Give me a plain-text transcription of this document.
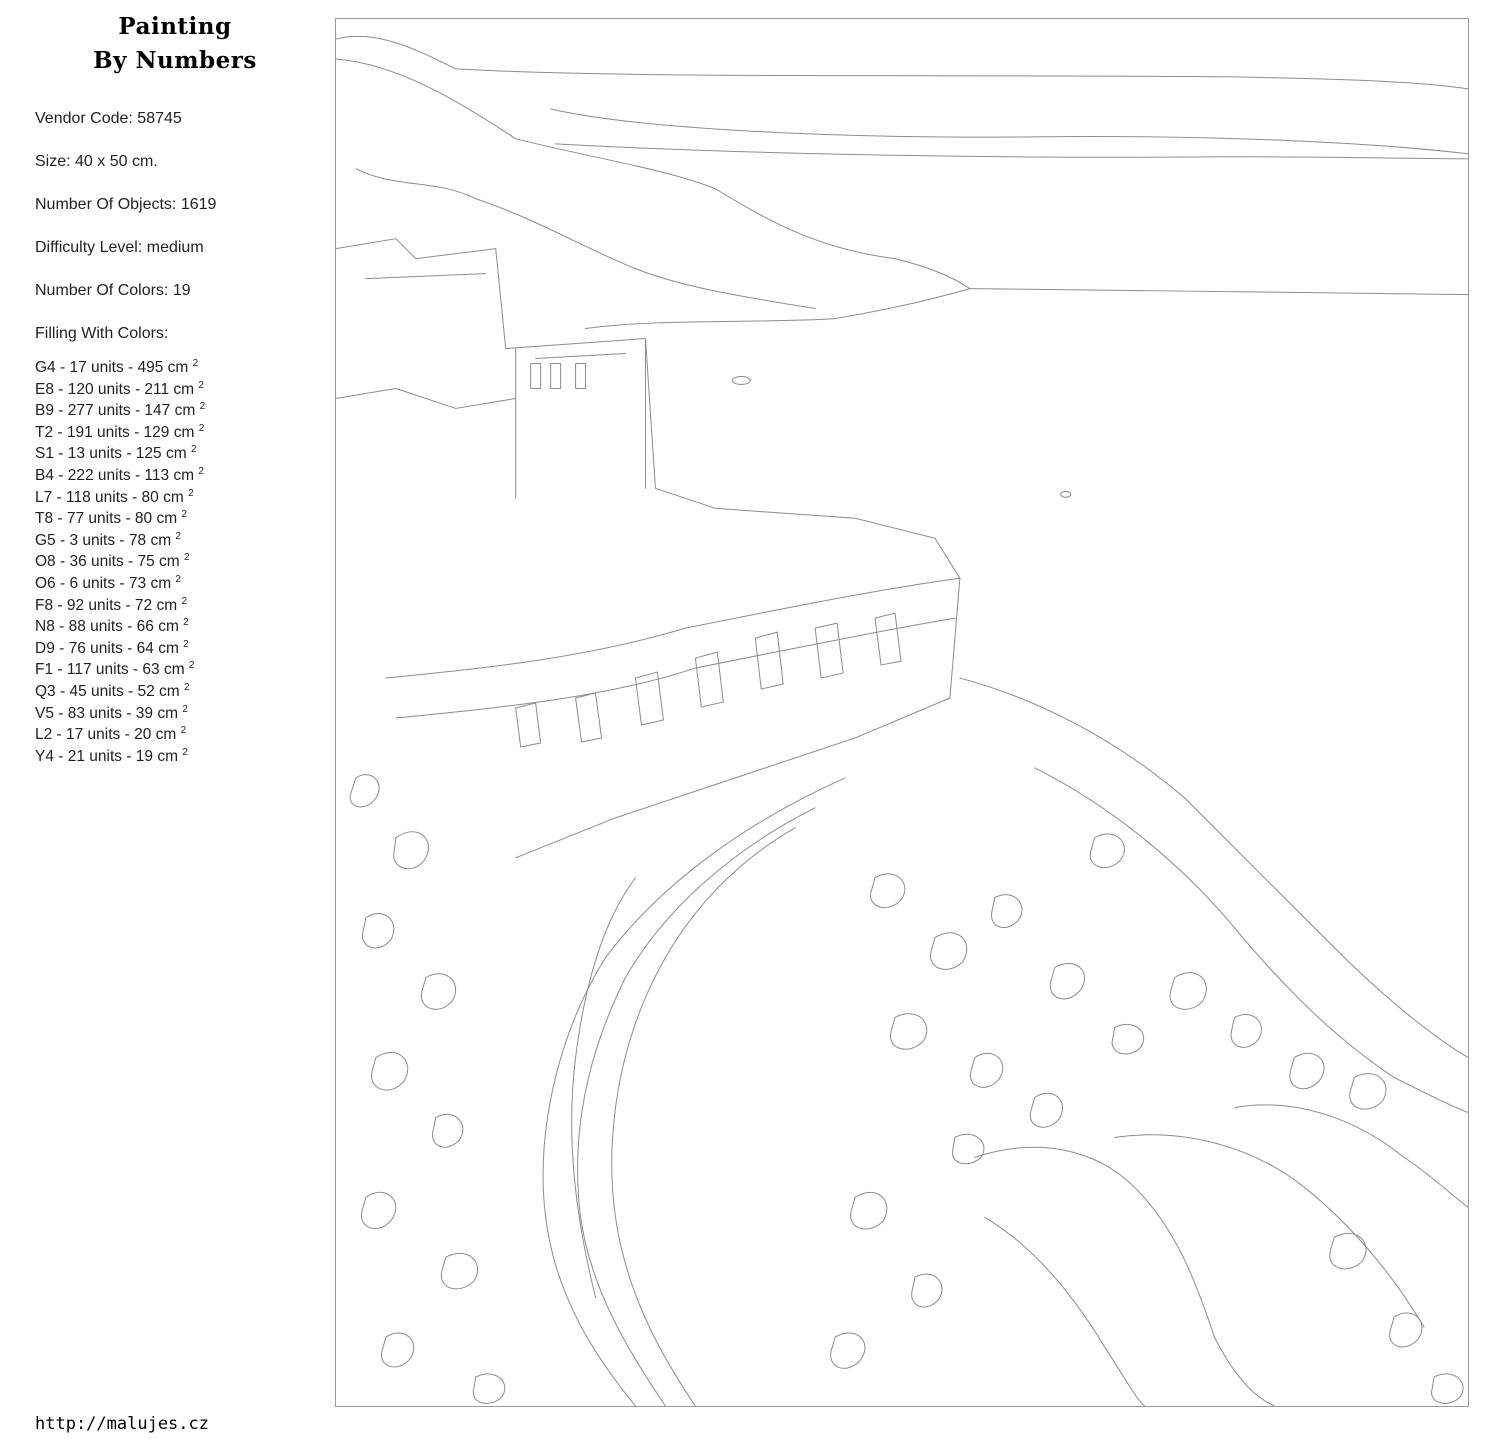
Painting
By Numbers
Vendor Code: 58745
Size: 40 x 50 cm.
Number Of Objects: 1619
Difficulty Level: medium
Number Of Colors: 19
Filling With Colors:
G4 - 17 units - 495 cm $^2$
E8 - 120 units - 211 cm $^2$
B9 - 277 units - 147 cm $^2$
T2 - 191 units - 129 cm $^2$
S1 - 13 units - 125 cm $^2$
B4 - 222 units - 113 cm $^2$
L7 - 118 units - 80 cm $^2$
T8 - 77 units - 80 cm $^2$
G5 - 3 units - 78 cm $^2$
O8 - 36 units - 75 cm $^2$
O6 - 6 units - 73 cm $^2$
F8 - 92 units - 72 cm $^2$
N8 - 88 units - 66 cm $^2$
D9 - 76 units - 64 cm $^2$
F1 - 117 units - 63 cm $^2$
Q3 - 45 units - 52 cm $^2$
V5 - 83 units - 39 cm $^2$
L2 - 17 units - 20 cm $^2$
Y4 - 21 units - 19 cm $^2$
http://malujes.cz
